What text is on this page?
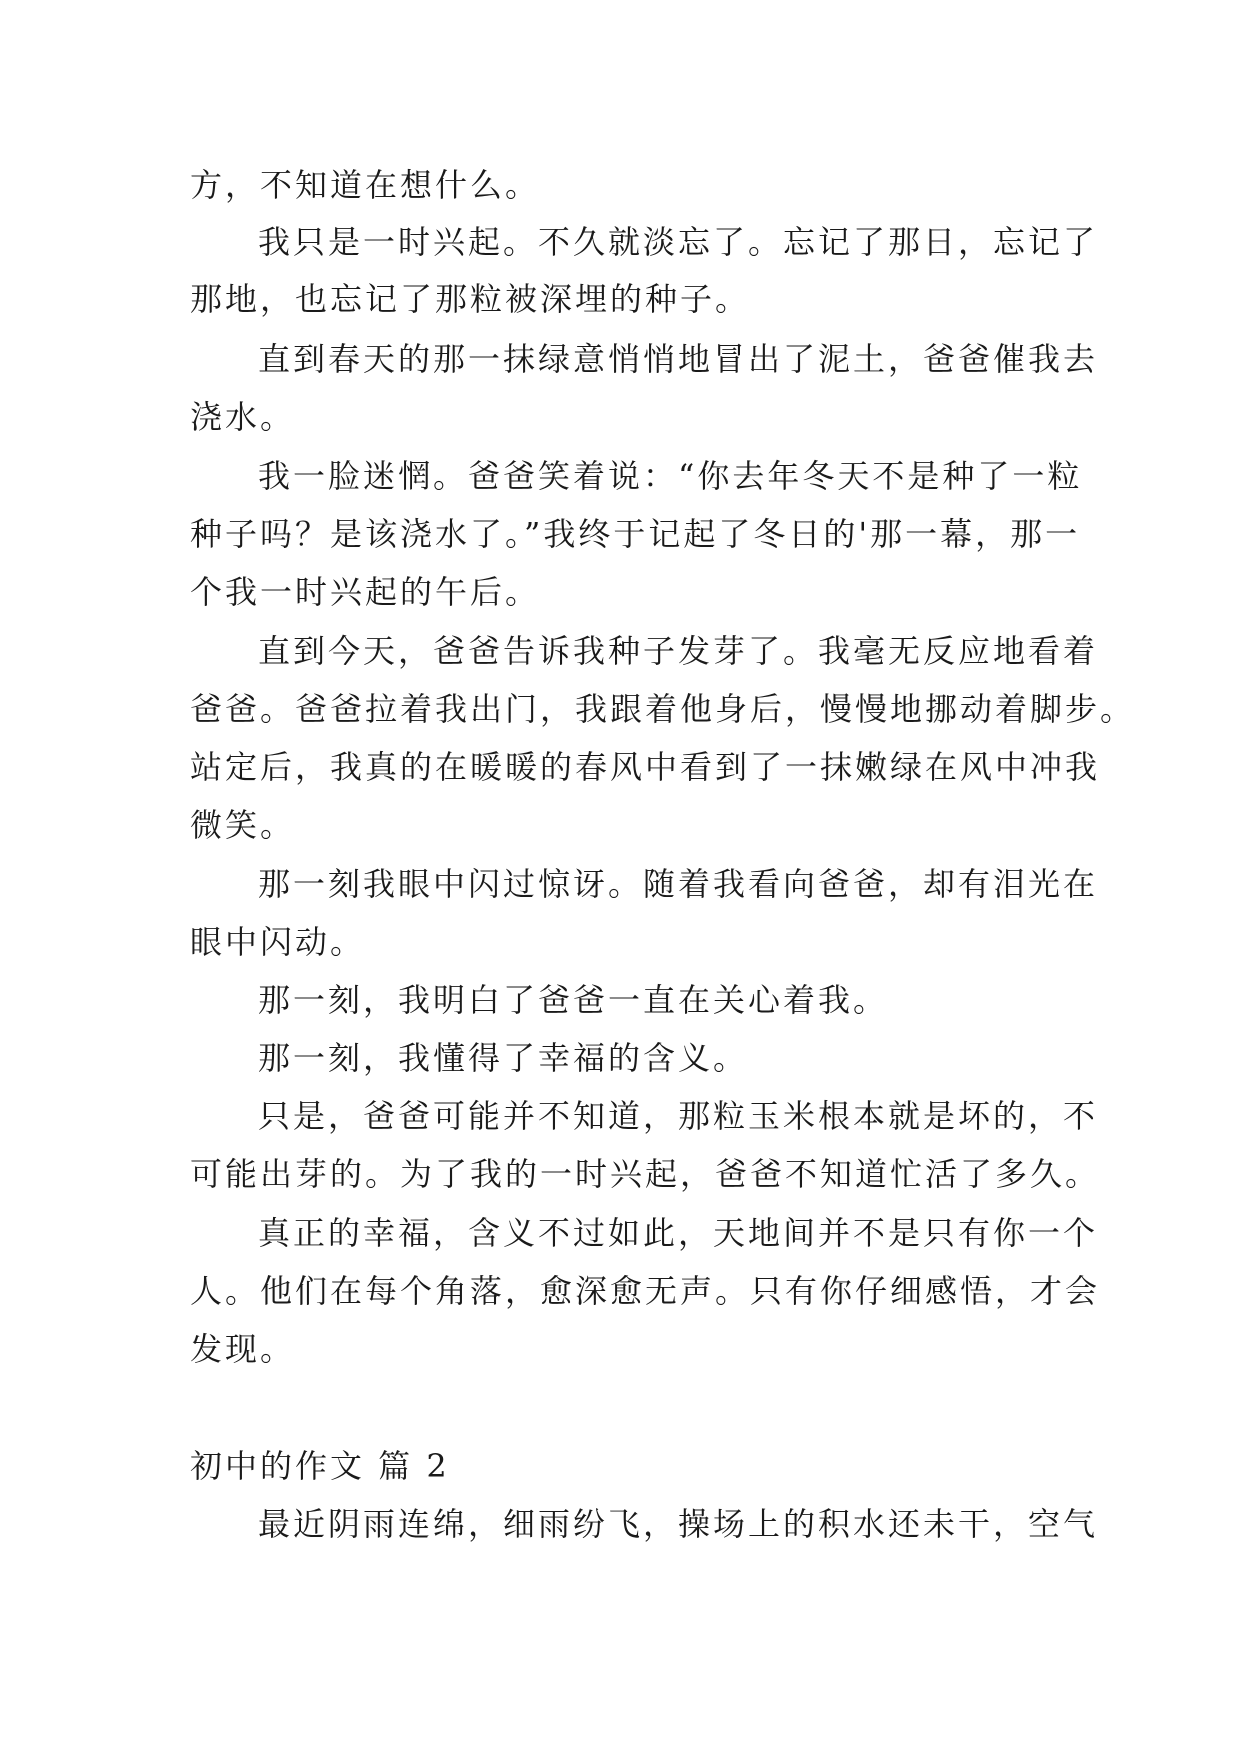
方，不知道在想什么。
我只是一时兴起。不久就淡忘了。忘记了那日，忘记了
那地，也忘记了那粒被深埋的种子。
直到春天的那一抹绿意悄悄地冒出了泥土，爸爸催我去
浇水。
我一脸迷惘。爸爸笑着说：“你去年冬天不是种了一粒
种子吗？是该浇水了。”我终于记起了冬日的'那一幕，那一
个我一时兴起的午后。
直到今天，爸爸告诉我种子发芽了。我毫无反应地看着
爸爸。爸爸拉着我出门，我跟着他身后，慢慢地挪动着脚步。
站定后，我真的在暖暖的春风中看到了一抹嫩绿在风中冲我
微笑。
那一刻我眼中闪过惊讶。随着我看向爸爸，却有泪光在
眼中闪动。
那一刻，我明白了爸爸一直在关心着我。
那一刻，我懂得了幸福的含义。
只是，爸爸可能并不知道，那粒玉米根本就是坏的，不
可能出芽的。为了我的一时兴起，爸爸不知道忙活了多久。
真正的幸福，含义不过如此，天地间并不是只有你一个
人。他们在每个角落，愈深愈无声。只有你仔细感悟，才会
发现。
初中的作文 篇 2
最近阴雨连绵，细雨纷飞，操场上的积水还未干，空气
